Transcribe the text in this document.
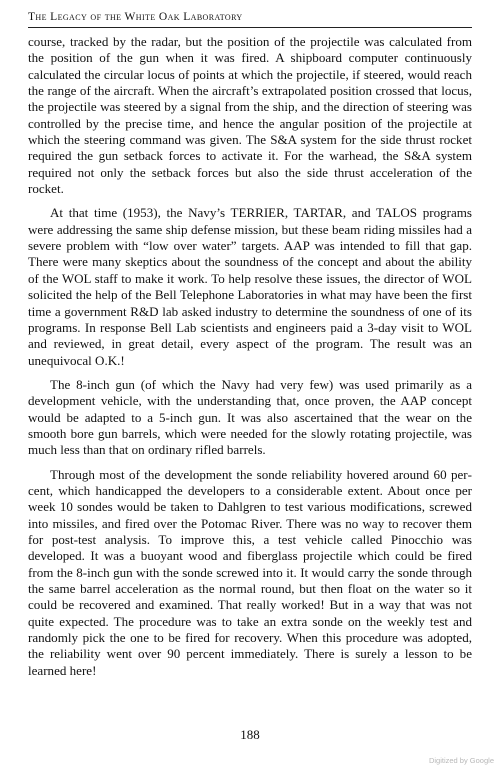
The Legacy of the White Oak Laboratory

course, tracked by the radar, but the position of the projectile was calculated from the position of the gun when it was fired. A shipboard computer continuously calculated the circular locus of points at which the projectile, if steered, would reach the range of the aircraft. When the aircraft’s extrapolated position crossed that locus, the projectile was steered by a signal from the ship, and the direction of steering was controlled by the precise time, and hence the angular position of the projectile at which the steering command was given. The S&A system for the side thrust rocket required the gun setback forces to activate it. For the warhead, the S&A system required not only the setback forces but also the side thrust acceleration of the rocket.

At that time (1953), the Navy’s TERRIER, TARTAR, and TALOS programs were addressing the same ship defense mission, but these beam riding missiles had a severe problem with “low over water” targets. AAP was intended to fill that gap. There were many skeptics about the soundness of the concept and about the ability of the WOL staff to make it work. To help resolve these issues, the director of WOL solicited the help of the Bell Telephone Laboratories in what may have been the first time a government R&D lab asked industry to determine the soundness of one of its programs. In response Bell Lab scientists and engineers paid a 3-day visit to WOL and reviewed, in great detail, every aspect of the program. The result was an unequivocal O.K.!

The 8-inch gun (of which the Navy had very few) was used primarily as a development vehicle, with the understanding that, once proven, the AAP concept would be adapted to a 5-inch gun. It was also ascertained that the wear on the smooth bore gun barrels, which were needed for the slowly rotating projectile, was much less than that on ordinary rifled barrels.

Through most of the development the sonde reliability hovered around 60 percent, which handicapped the developers to a considerable extent. About once per week 10 sondes would be taken to Dahlgren to test various modifications, screwed into missiles, and fired over the Potomac River. There was no way to recover them for post-test analysis. To improve this, a test vehicle called Pinocchio was developed. It was a buoyant wood and fiberglass projectile which could be fired from the 8-inch gun with the sonde screwed into it. It would carry the sonde through the same barrel acceleration as the normal round, but then float on the water so it could be recovered and examined. That really worked! But in a way that was not quite expected. The procedure was to take an extra sonde on the weekly test and randomly pick the one to be fired for recovery. When this procedure was adopted, the reliability went over 90 percent immediately. There is surely a lesson to be learned here!

188
Digitized by Google
